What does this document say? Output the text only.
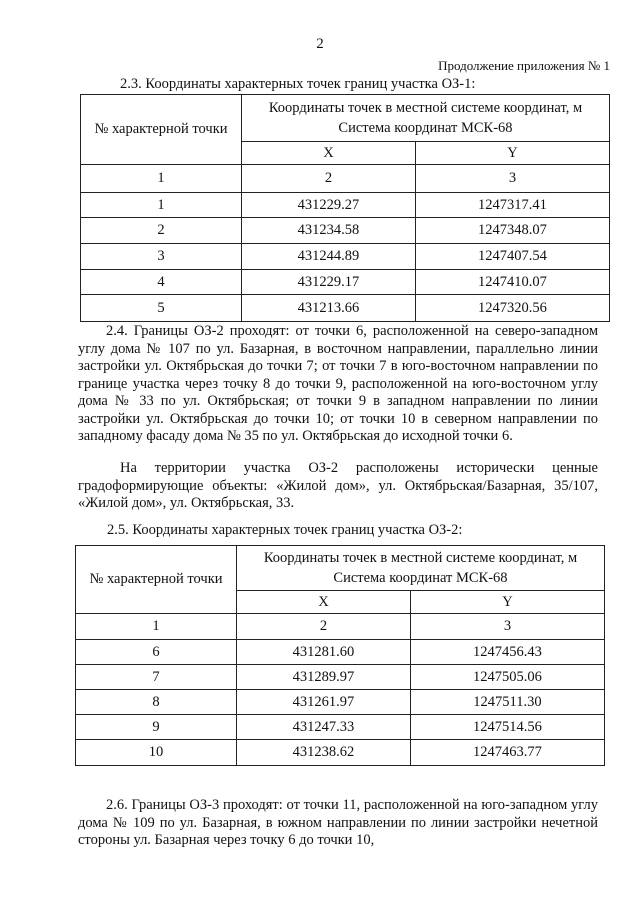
2
Продолжение приложения № 1
2.3. Координаты характерных точек границ участка ОЗ-1:
№ характерной точки	Координаты точек в местной системе координат, м
Система координат МСК-68	
	X	Y
1	2	3
1	431229.27	1247317.41
2	431234.58	1247348.07
3	431244.89	1247407.54
4	431229.17	1247410.07
5	431213.66	1247320.56
2.4. Границы ОЗ-2 проходят: от точки 6, расположенной на северо-западном углу дома № 107 по ул. Базарная, в восточном направлении, параллельно линии застройки ул. Октябрьская до точки 7; от точки 7 в юго-восточном направлении по границе участка через точку 8 до точки 9, расположенной на юго-восточном углу дома № 33 по ул. Октябрьская; от точки 9 в западном направлении по линии застройки ул. Октябрьская до точки 10; от точки 10 в северном направлении по западному фасаду дома № 35 по ул. Октябрьская до исходной точки 6.
На территории участка ОЗ-2 расположены исторически ценные градоформирующие объекты: «Жилой дом», ул. Октябрьская/Базарная, 35/107, «Жилой дом», ул. Октябрьская, 33.
2.5. Координаты характерных точек границ участка ОЗ-2:
№ характерной точки	Координаты точек в местной системе координат, м
Система координат МСК-68	
	X	Y
1	2	3
6	431281.60	1247456.43
7	431289.97	1247505.06
8	431261.97	1247511.30
9	431247.33	1247514.56
10	431238.62	1247463.77
2.6. Границы ОЗ-3 проходят: от точки 11, расположенной на юго-западном углу дома № 109 по ул. Базарная, в южном направлении по линии застройки нечетной стороны ул. Базарная через точку 6 до точки 10,
